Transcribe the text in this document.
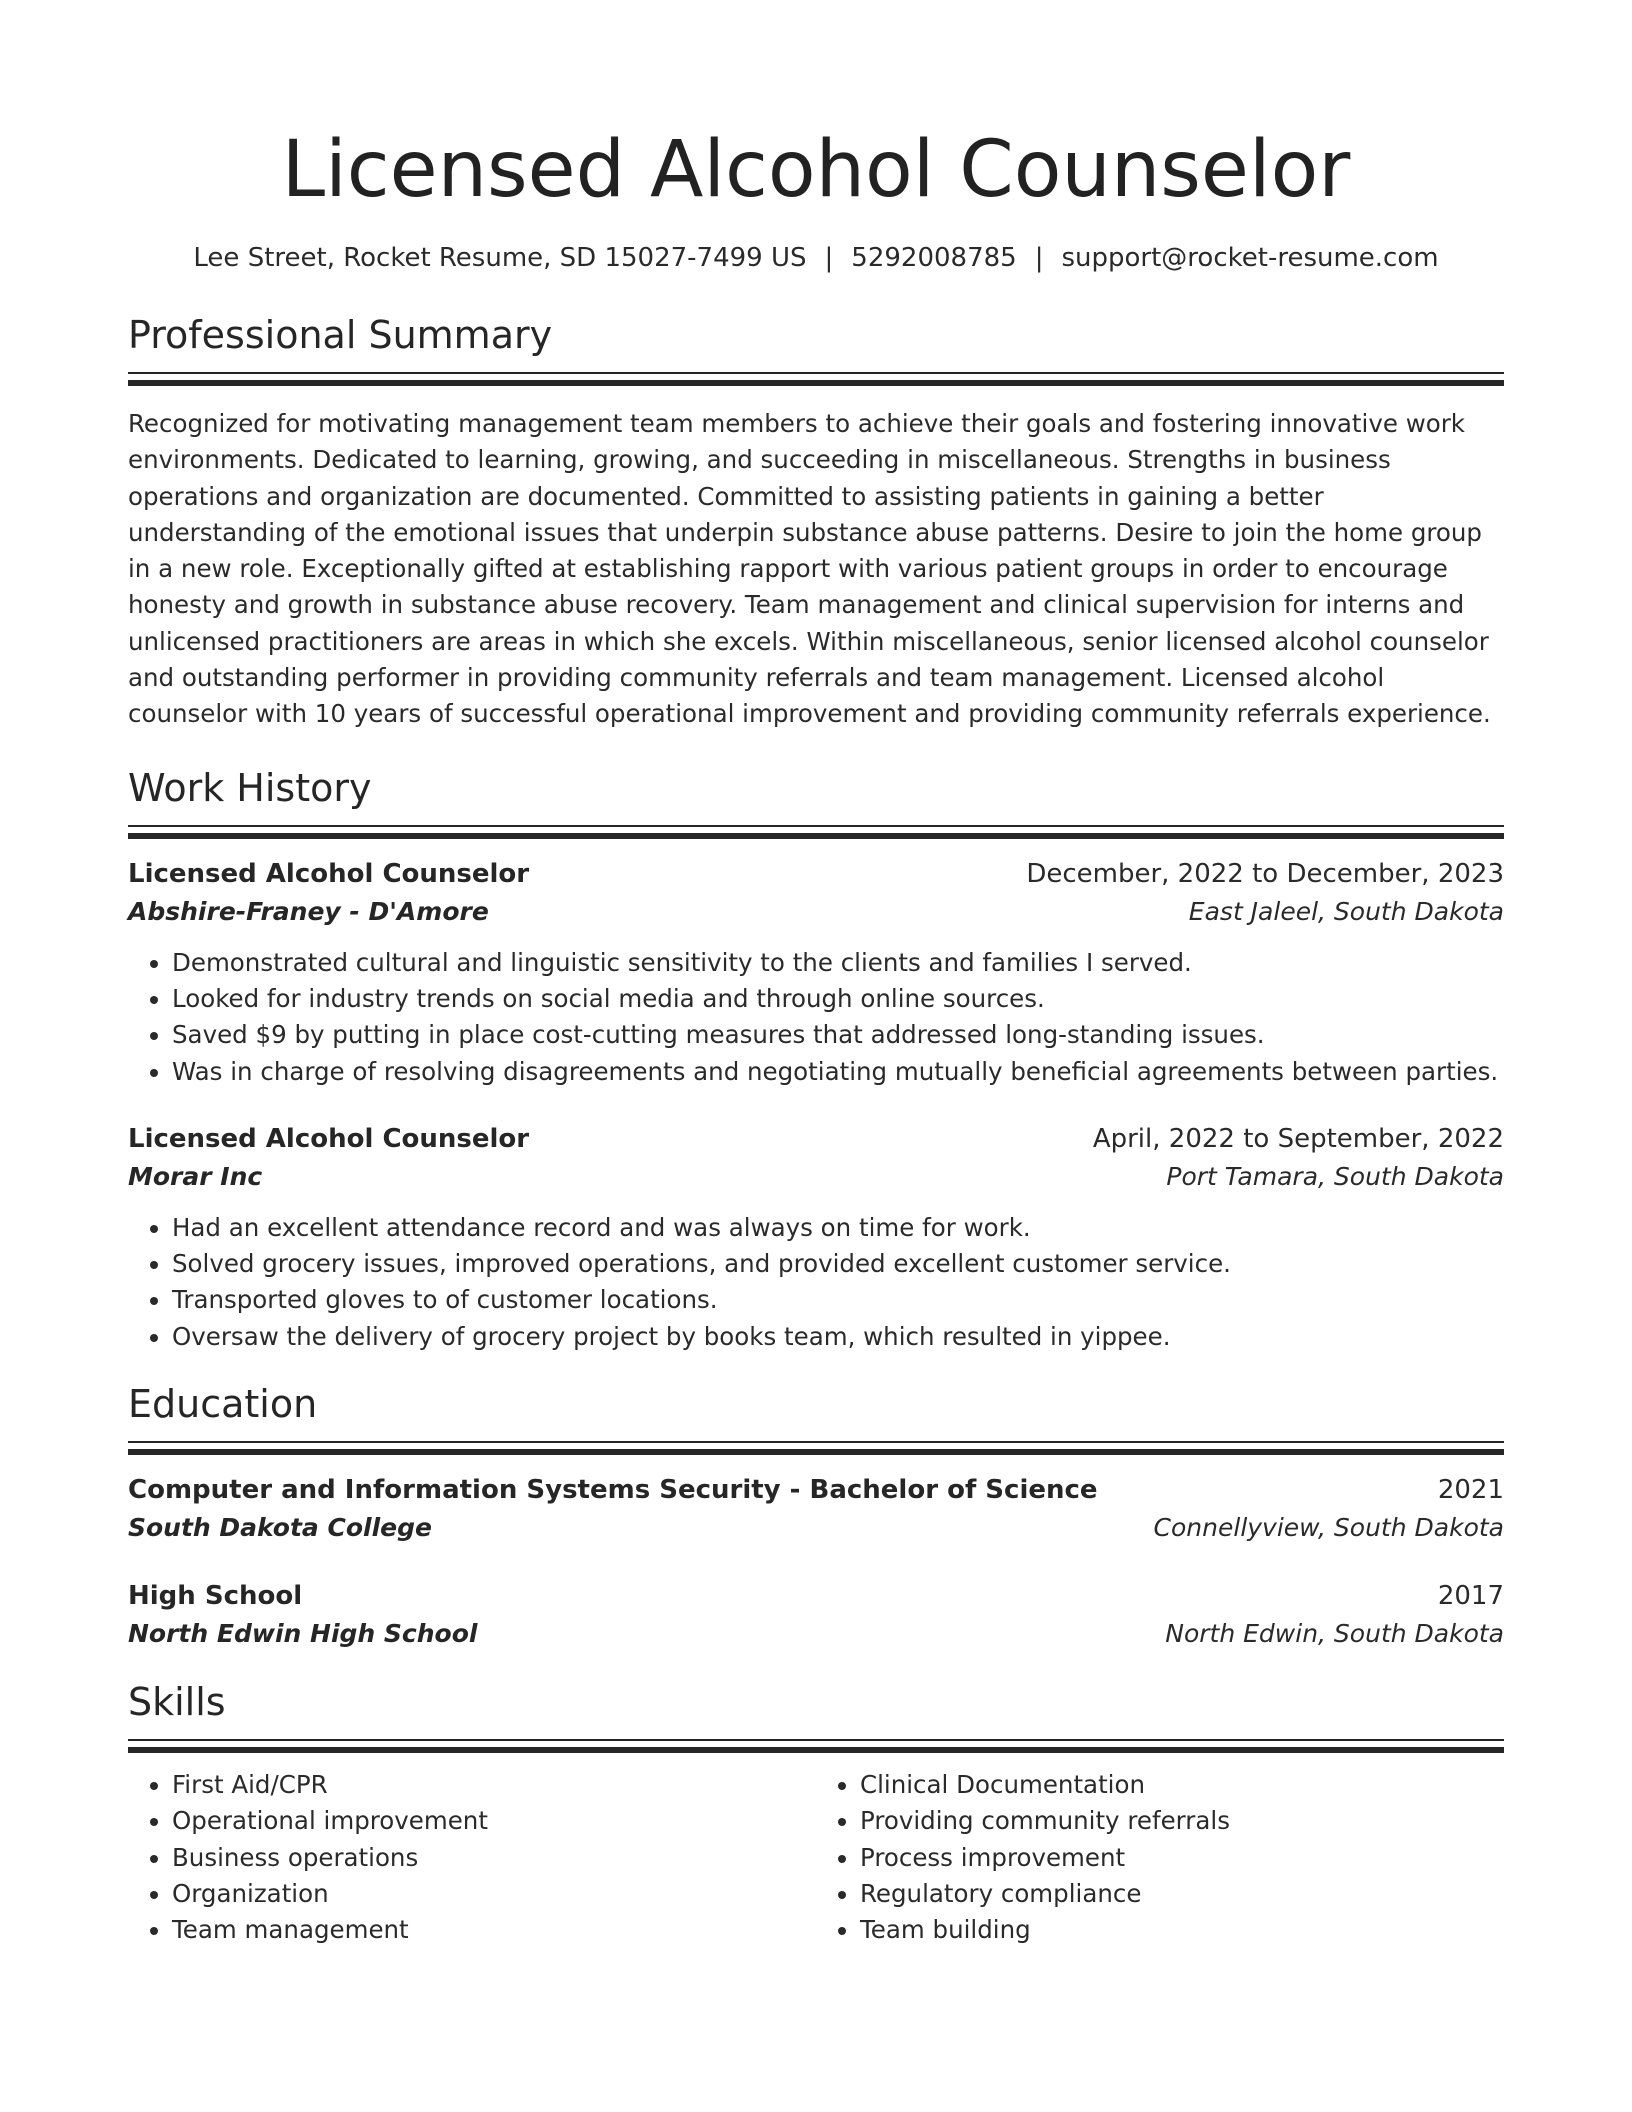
Licensed Alcohol Counselor
Lee Street, Rocket Resume, SD 15027-7499 US | 5292008785 | support@rocket-resume.com
Professional Summary

Recognized for motivating management team members to achieve their goals and fostering innovative work environments. Dedicated to learning, growing, and succeeding in miscellaneous. Strengths in business operations and organization are documented. Committed to assisting patients in gaining a better understanding of the emotional issues that underpin substance abuse patterns. Desire to join the home group in a new role. Exceptionally gifted at establishing rapport with various patient groups in order to encourage honesty and growth in substance abuse recovery. Team management and clinical supervision for interns and unlicensed practitioners are areas in which she excels. Within miscellaneous, senior licensed alcohol counselor and outstanding performer in providing community referrals and team management. Licensed alcohol counselor with 10 years of successful operational improvement and providing community referrals experience.

Work History
Licensed Alcohol Counselor	December, 2022 to December, 2023
Abshire-Franey - D'Amore	East Jaleel, South Dakota
• Demonstrated cultural and linguistic sensitivity to the clients and families I served.
• Looked for industry trends on social media and through online sources.
• Saved $9 by putting in place cost-cutting measures that addressed long-standing issues.
• Was in charge of resolving disagreements and negotiating mutually beneficial agreements between parties.
Licensed Alcohol Counselor	April, 2022 to September, 2022
Morar Inc	Port Tamara, South Dakota
• Had an excellent attendance record and was always on time for work.
• Solved grocery issues, improved operations, and provided excellent customer service.
• Transported gloves to of customer locations.
• Oversaw the delivery of grocery project by books team, which resulted in yippee.
Education
Computer and Information Systems Security - Bachelor of Science	2021
South Dakota College	Connellyview, South Dakota
High School	2017
North Edwin High School	North Edwin, South Dakota
Skills
• First Aid/CPR
• Operational improvement
• Business operations
• Organization
• Team management
• Clinical Documentation
• Providing community referrals
• Process improvement
• Regulatory compliance
• Team building
